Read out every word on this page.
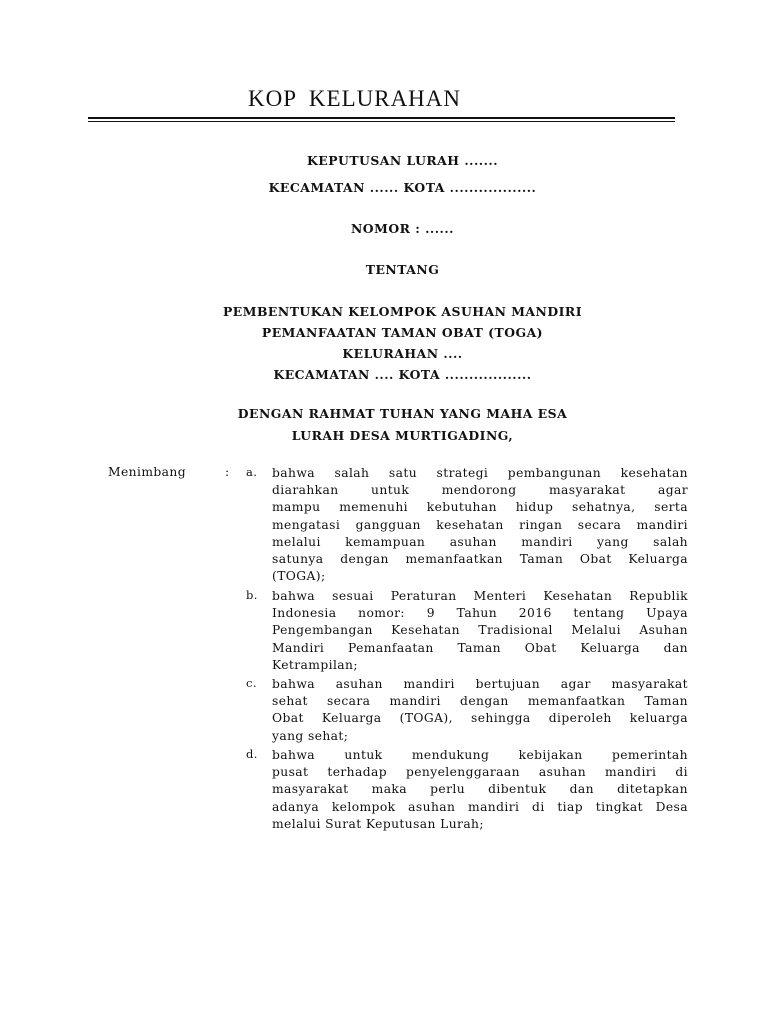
KOP KELURAHAN

KEPUTUSAN LURAH .......

KECAMATAN ...... KOTA ..................

NOMOR : ......

TENTANG

PEMBENTUKAN KELOMPOK ASUHAN MANDIRI

PEMANFAATAN TAMAN OBAT (TOGA)

KELURAHAN ....

KECAMATAN .... KOTA ..................

DENGAN RAHMAT TUHAN YANG MAHA ESA

LURAH DESA MURTIGADING,

Menimbang	: a. bahwa salah satu strategi pembangunan kesehatan
diarahkan untuk mendorong masyarakat agar
mampu memenuhi kebutuhan hidup sehatnya, serta
mengatasi gangguan kesehatan ringan secara mandiri
melalui kemampuan asuhan mandiri yang salah
satunya dengan memanfaatkan Taman Obat Keluarga
(TOGA);
b. bahwa sesuai Peraturan Menteri Kesehatan Republik
Indonesia nomor: 9 Tahun 2016 tentang Upaya
Pengembangan Kesehatan Tradisional Melalui Asuhan
Mandiri Pemanfaatan Taman Obat Keluarga dan
Ketrampilan;
c. bahwa asuhan mandiri bertujuan agar masyarakat
sehat secara mandiri dengan memanfaatkan Taman
Obat Keluarga (TOGA), sehingga diperoleh keluarga
yang sehat;
d. bahwa untuk mendukung kebijakan pemerintah
pusat terhadap penyelenggaraan asuhan mandiri di
masyarakat maka perlu dibentuk dan ditetapkan
adanya kelompok asuhan mandiri di tiap tingkat Desa
melalui Surat Keputusan Lurah;
